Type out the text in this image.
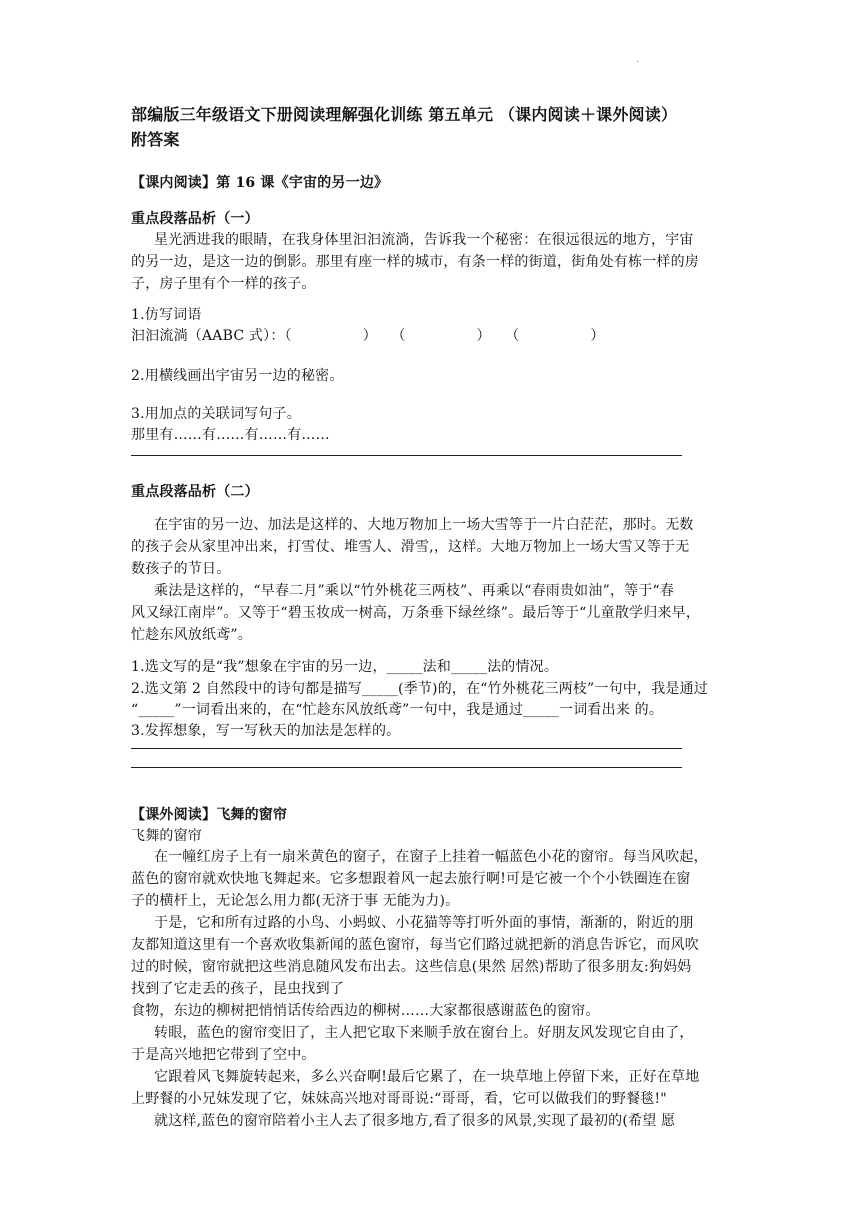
·
部编版三年级语文下册阅读理解强化训练 第五单元 （课内阅读＋课外阅读）
附答案
【课内阅读】第 16 课《宇宙的另一边》
重点段落品析（一）
星光洒进我的眼睛，在我身体里汩汩流淌，告诉我一个秘密：在很远很远的地方，宇宙
的另一边，是这一边的倒影。那里有座一样的城市，有条一样的街道，街角处有栋一样的房
子，房子里有个一样的孩子。
1.仿写词语
汩汩流淌（AABC 式）：（　　　　　）　　（　　　　　）　　（　　　　　）
2.用横线画出宇宙另一边的秘密。
3.用加点的关联词写句子。
那里有……有……有……有……
重点段落品析（二）
在宇宙的另一边、加法是这样的、大地万物加上一场大雪等于一片白茫茫，那时。无数
的孩子会从家里冲出来，打雪仗、堆雪人、滑雪,，这样。大地万物加上一场大雪又等于无
数孩子的节日。
乘法是这样的，“早春二月”乘以“竹外桃花三两枝”、再乘以“春雨贵如油”，等于“春
风又绿江南岸”。又等于“碧玉妆成一树高，万条垂下绿丝绦”。最后等于“儿童散学归来早，
忙趁东风放纸鸢”。
1.选文写的是“我”想象在宇宙的另一边，_____法和_____法的情况。
2.选文第 2 自然段中的诗句都是描写_____(季节)的，在“竹外桃花三两枝”一句中，我是通过
“_____”一词看出来的，在“忙趁东风放纸鸢”一句中，我是通过_____一词看出来 的。
3.发挥想象，写一写秋天的加法是怎样的。
【课外阅读】飞舞的窗帘
飞舞的窗帘
在一幢红房子上有一扇米黄色的窗子，在窗子上挂着一幅蓝色小花的窗帘。每当风吹起，
蓝色的窗帘就欢快地飞舞起来。它多想跟着风一起去旅行啊!可是它被一个个小铁圈连在窗
子的横杆上，无论怎么用力都(无济于事 无能为力)。
于是，它和所有过路的小鸟、小蚂蚁、小花猫等等打听外面的事情，渐渐的，附近的朋
友都知道这里有一个喜欢收集新闻的蓝色窗帘，每当它们路过就把新的消息告诉它，而风吹
过的时候，窗帘就把这些消息随风发布出去。这些信息(果然 居然)帮助了很多朋友:狗妈妈
找到了它走丢的孩子，昆虫找到了
食物，东边的柳树把悄悄话传给西边的柳树……大家都很感谢蓝色的窗帘。
转眼，蓝色的窗帘变旧了，主人把它取下来顺手放在窗台上。好朋友风发现它自由了，
于是高兴地把它带到了空中。
它跟着风飞舞旋转起来，多么兴奋啊!最后它累了，在一块草地上停留下来，正好在草地
上野餐的小兄妹发现了它，妹妹高兴地对哥哥说:“哥哥，看，它可以做我们的野餐毯!"
就这样,蓝色的窗帘陪着小主人去了很多地方,看了很多的风景,实现了最初的(希望 愿
